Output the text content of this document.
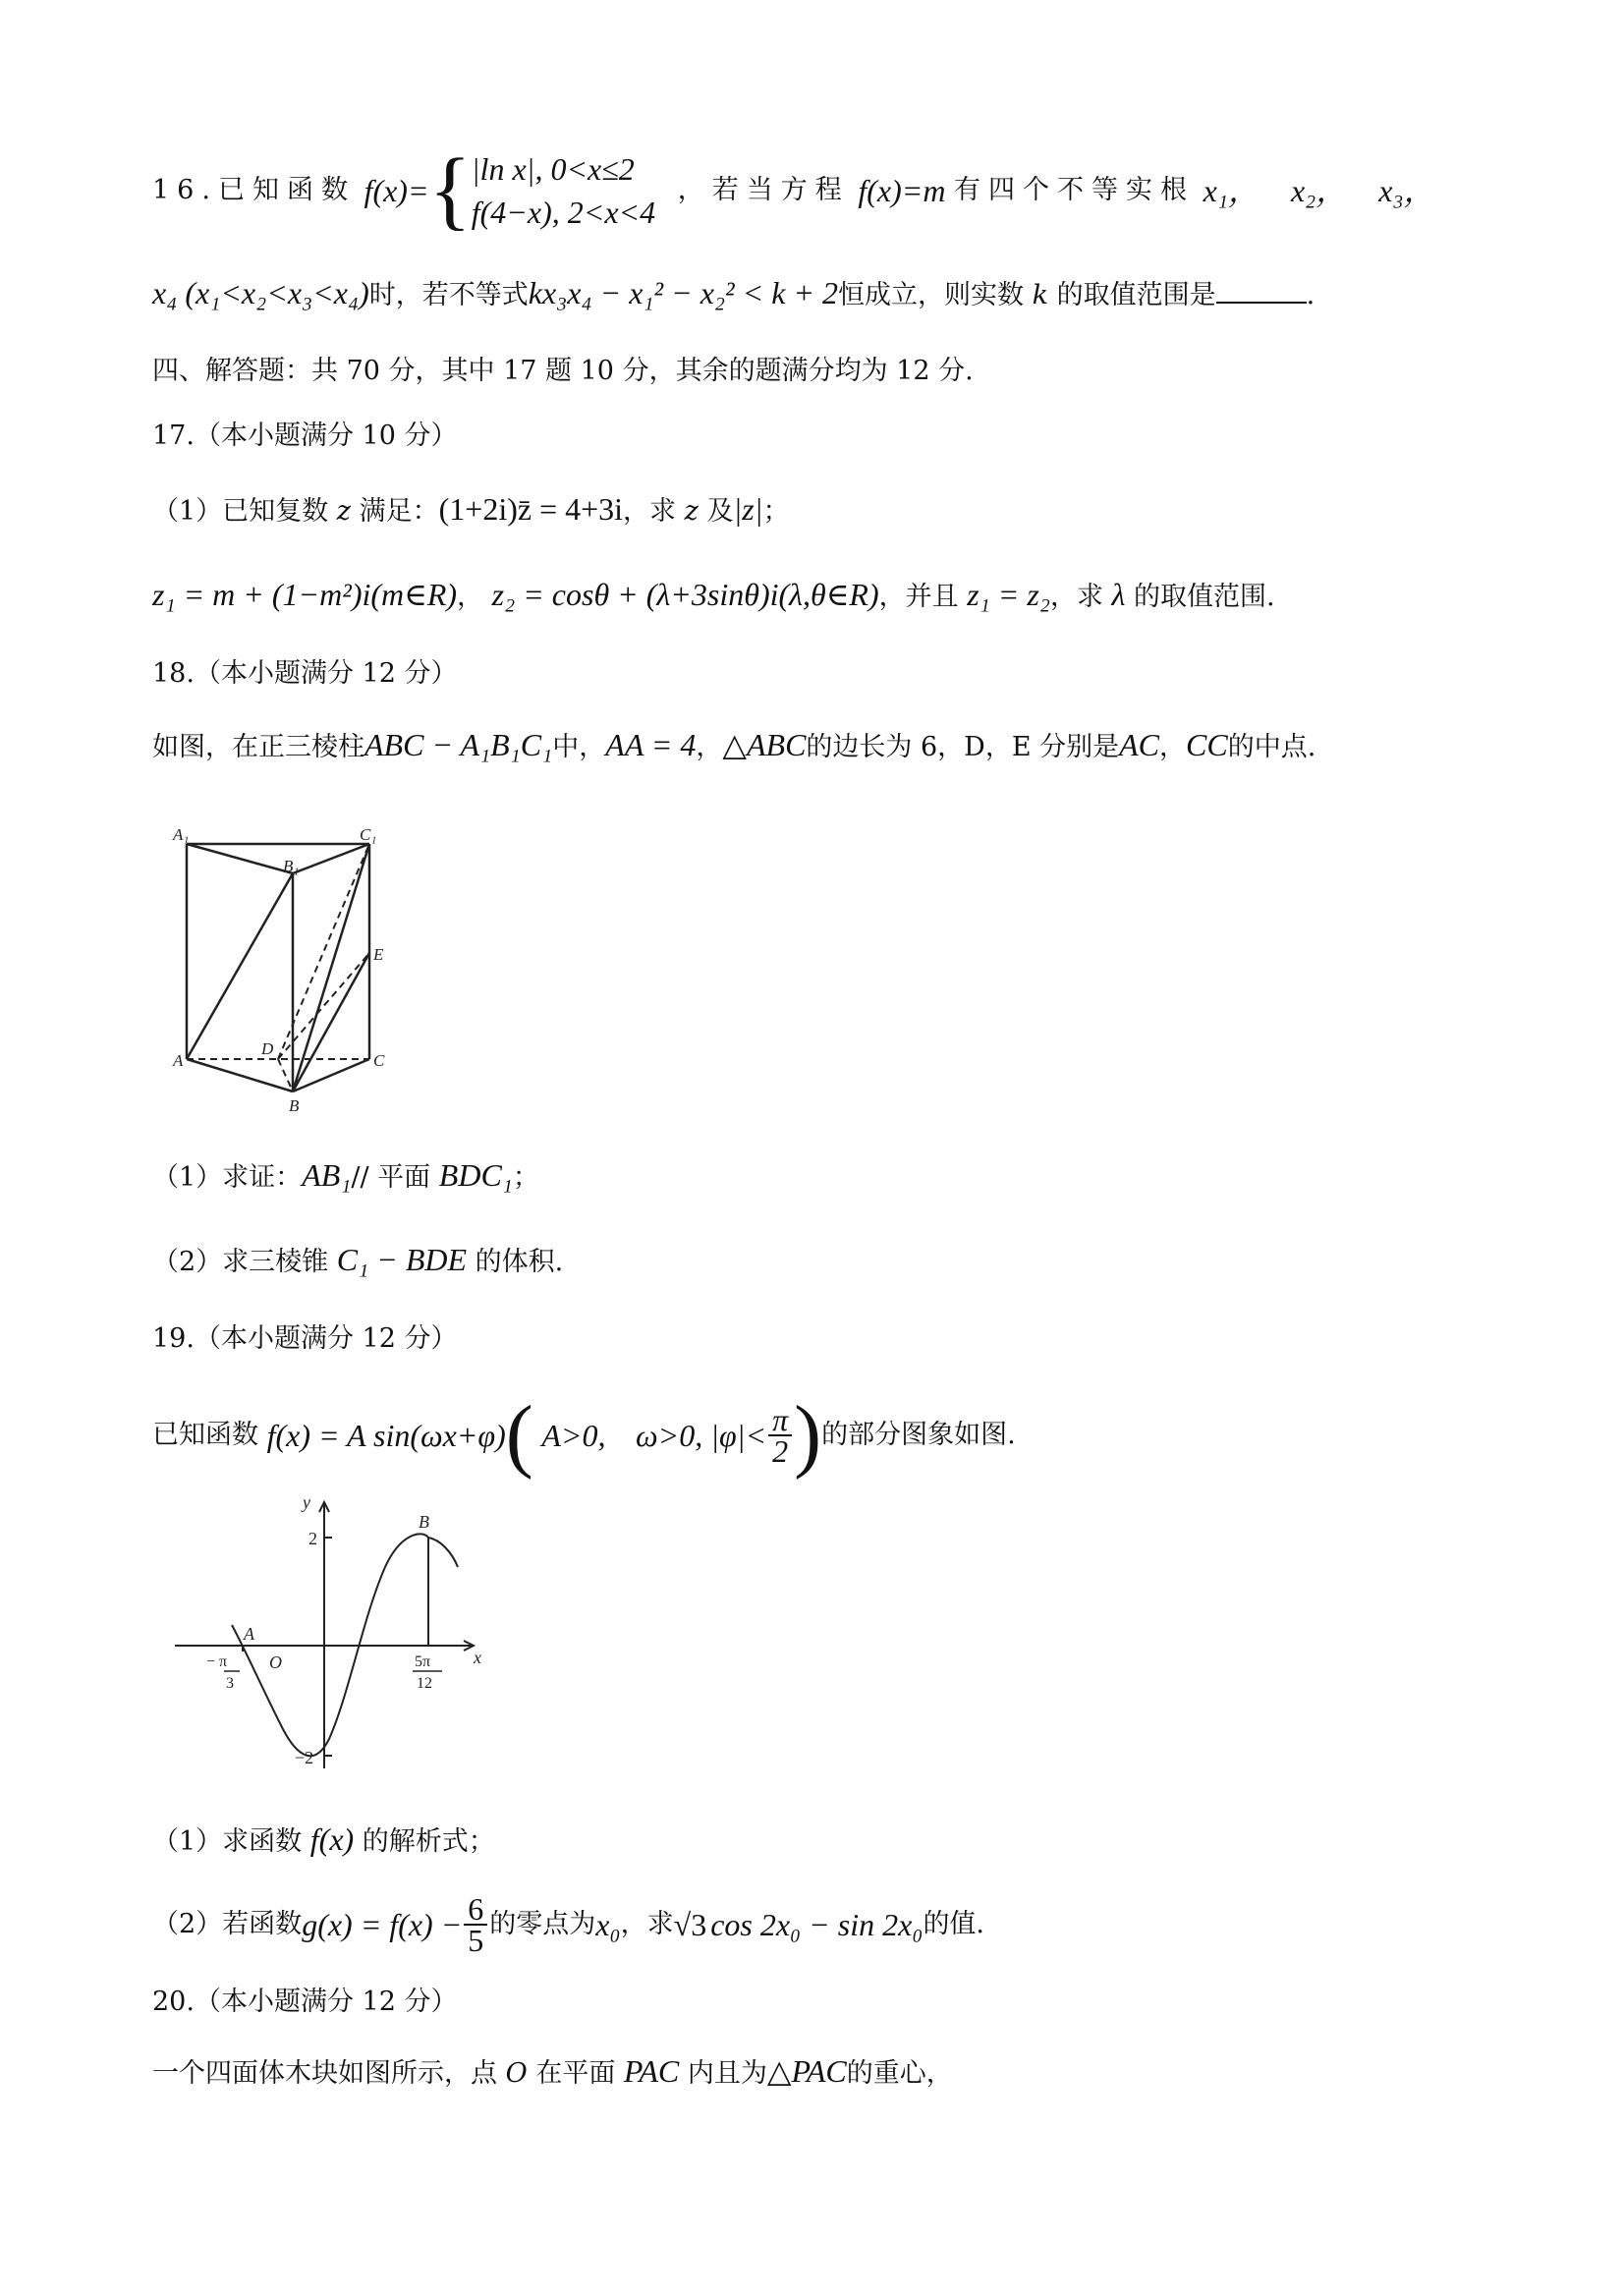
16.已知函数 f(x)={ |ln x|, 0<x≤2
f(4−x), 2<x<4
，若当方程 f(x)=m 有四个不等实根 x₁， x₂， x₃，
x₄ (x₁<x₂<x₃<x₄)时，若不等式kx₃x₄ − x₁² − x₂² < k + 2恒成立，则实数 k 的取值范围是	.
四、解答题：共 70 分，其中 17 题 10 分，其余的题满分均为 12 分.
17.（本小题满分 10 分）
（1）已知复数 z 满足：(1+2i)z̄ = 4+3i，求 z 及|z|；
z₁ = m + (1−m²)i(m∈R)， z₂ = cosθ + (λ+3sinθ)i(λ,θ∈R)，并且 z₁ = z₂，求 λ 的取值范围.
18.（本小题满分 12 分）
如图，在正三棱柱ABC − A₁B₁C₁中，AA = 4，△ABC的边长为 6，D，E 分别是AC，CC的中点.
A₁
B₁
C₁
E
D
A	C
B
（1）求证：AB₁// 平面 BDC₁；
（2）求三棱锥 C₁ − BDE 的体积.
19.（本小题满分 12 分）
已知函数 f(x) = A sin(ωx+φ)( A>0, ω>0, $|\varphi|< \frac{\pi}{2}$ )的部分图象如图.
y
x
O
A
B
2
−2
− π
3
5π
12
（1）求函数 f(x) 的解析式；
（2）若函数$g(x) = f(x) - \frac{6}{5}$ 的零点为x₀，求√3 cos 2x₀ − sin 2x₀的值.
20.（本小题满分 12 分）
一个四面体木块如图所示，点 O 在平面 PAC 内且为△PAC的重心，
